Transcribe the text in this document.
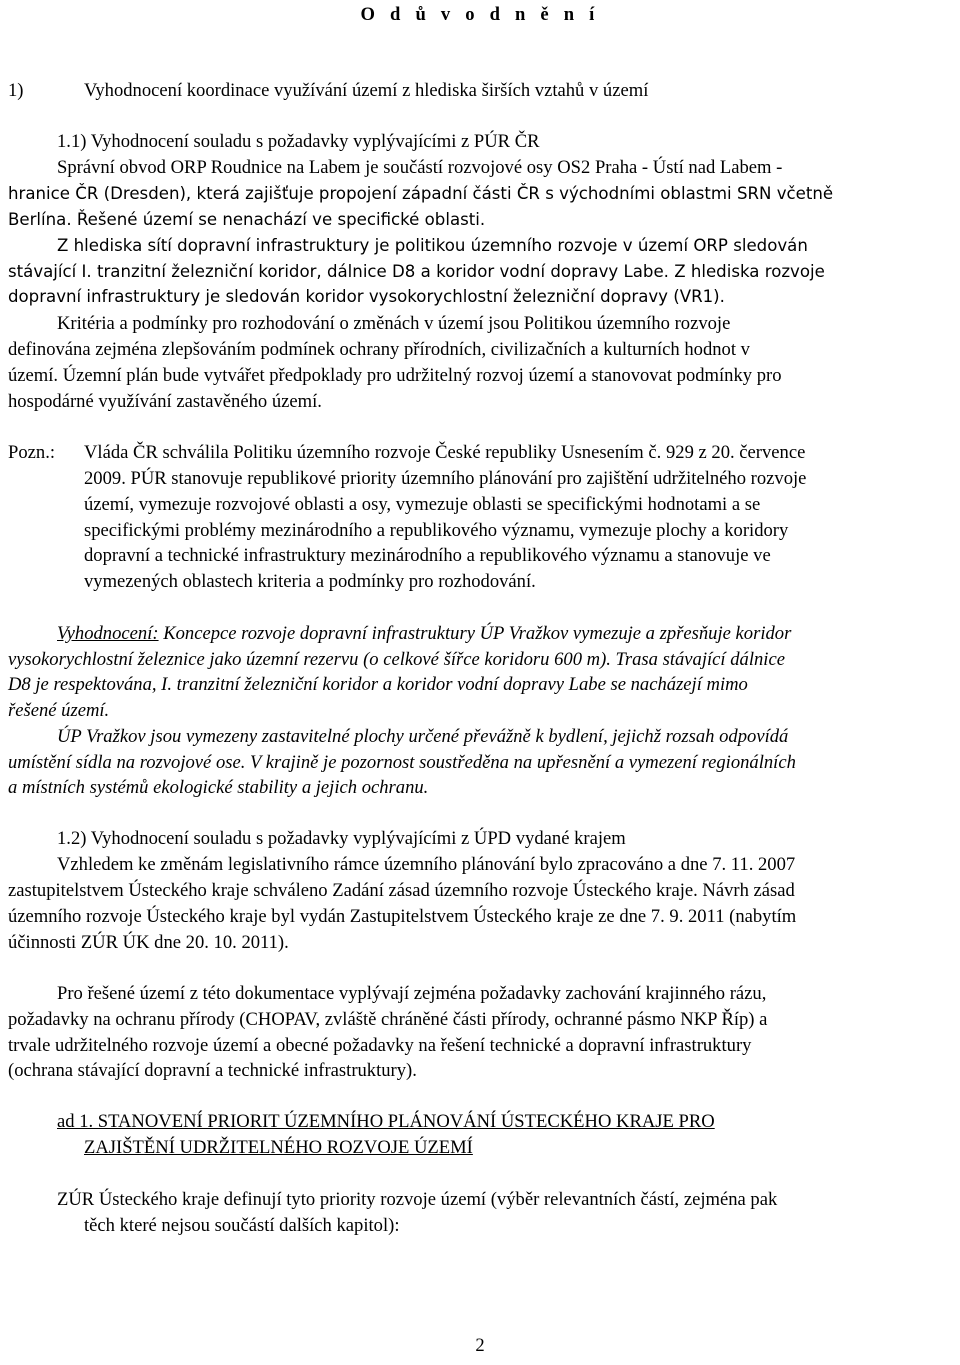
O d ů v o d n ě n í
1)	Vyhodnocení koordinace využívání území z hlediska širších vztahů v území
1.1) Vyhodnocení souladu s požadavky vyplývajícími z PÚR ČR
Správní obvod ORP Roudnice na Labem je součástí rozvojové osy OS2 Praha - Ústí nad Labem -
hranice ČR (Dresden), která zajišťuje propojení západní části ČR s východními oblastmi SRN včetně
Berlína. Řešené území se nenachází ve specifické oblasti.
Z hlediska sítí dopravní infrastruktury je politikou územního rozvoje v území ORP sledován
stávající I. tranzitní železniční koridor, dálnice D8 a koridor vodní dopravy Labe. Z hlediska rozvoje
dopravní infrastruktury je sledován koridor vysokorychlostní železniční dopravy (VR1).
Kritéria a podmínky pro rozhodování o změnách v území jsou Politikou územního rozvoje
definována zejména zlepšováním podmínek ochrany přírodních, civilizačních a kulturních hodnot v
území. Územní plán bude vytvářet předpoklady pro udržitelný rozvoj území a stanovovat podmínky pro
hospodárné využívání zastavěného území.
Pozn.: Vláda ČR schválila Politiku územního rozvoje České republiky Usnesením č. 929 z 20. července
2009. PÚR stanovuje republikové priority územního plánování pro zajištění udržitelného rozvoje
území, vymezuje rozvojové oblasti a osy, vymezuje oblasti se specifickými hodnotami a se
specifickými problémy mezinárodního a republikového významu, vymezuje plochy a koridory
dopravní a technické infrastruktury mezinárodního a republikového významu a stanovuje ve
vymezených oblastech kriteria a podmínky pro rozhodování.
Vyhodnocení: Koncepce rozvoje dopravní infrastruktury ÚP Vražkov vymezuje a zpřesňuje koridor
vysokorychlostní železnice jako územní rezervu (o celkové šířce koridoru 600 m). Trasa stávající dálnice
D8 je respektována, I. tranzitní železniční koridor a koridor vodní dopravy Labe se nacházejí mimo
řešené území.
ÚP Vražkov jsou vymezeny zastavitelné plochy určené převážně k bydlení, jejichž rozsah odpovídá
umístění sídla na rozvojové ose. V krajině je pozornost soustředěna na upřesnění a vymezení regionálních
a místních systémů ekologické stability a jejich ochranu.
1.2) Vyhodnocení souladu s požadavky vyplývajícími z ÚPD vydané krajem
Vzhledem ke změnám legislativního rámce územního plánování bylo zpracováno a dne 7. 11. 2007
zastupitelstvem Ústeckého kraje schváleno Zadání zásad územního rozvoje Ústeckého kraje. Návrh zásad
územního rozvoje Ústeckého kraje byl vydán Zastupitelstvem Ústeckého kraje ze dne 7. 9. 2011 (nabytím
účinnosti ZÚR ÚK dne 20. 10. 2011).
Pro řešené území z této dokumentace vyplývají zejména požadavky zachování krajinného rázu,
požadavky na ochranu přírody (CHOPAV, zvláště chráněné části přírody, ochranné pásmo NKP Říp) a
trvale udržitelného rozvoje území a obecné požadavky na řešení technické a dopravní infrastruktury
(ochrana stávající dopravní a technické infrastruktury).
ad 1. STANOVENÍ PRIORIT ÚZEMNÍHO PLÁNOVÁNÍ ÚSTECKÉHO KRAJE PRO
ZAJIŠTĚNÍ UDRŽITELNÉHO ROZVOJE ÚZEMÍ
ZÚR Ústeckého kraje definují tyto priority rozvoje území (výběr relevantních částí, zejména pak
těch které nejsou součástí dalších kapitol):
2
